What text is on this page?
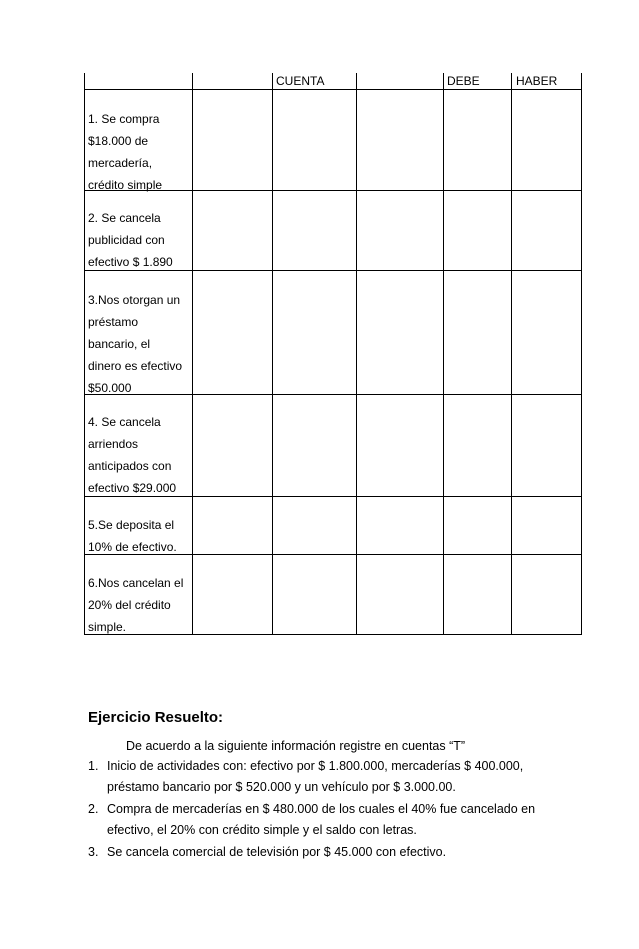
CUENTA	DEBE	HABER
1. Se compra
$18.000 de
mercadería,
crédito simple
2. Se cancela
publicidad con
efectivo $ 1.890
3.Nos otorgan un
préstamo
bancario, el
dinero es efectivo
$50.000
4. Se cancela
arriendos
anticipados con
efectivo $29.000
5.Se deposita el
10% de efectivo.
6.Nos cancelan el
20% del crédito
simple.
Ejercicio Resuelto:
De acuerdo a la siguiente información registre en cuentas “T”
1. Inicio de actividades con: efectivo por $ 1.800.000, mercaderías $ 400.000,
préstamo bancario por $ 520.000 y un vehículo por $ 3.000.00.
2. Compra de mercaderías en $ 480.000 de los cuales el 40% fue cancelado en
efectivo, el 20% con crédito simple y el saldo con letras.
3. Se cancela comercial de televisión por $ 45.000 con efectivo.
